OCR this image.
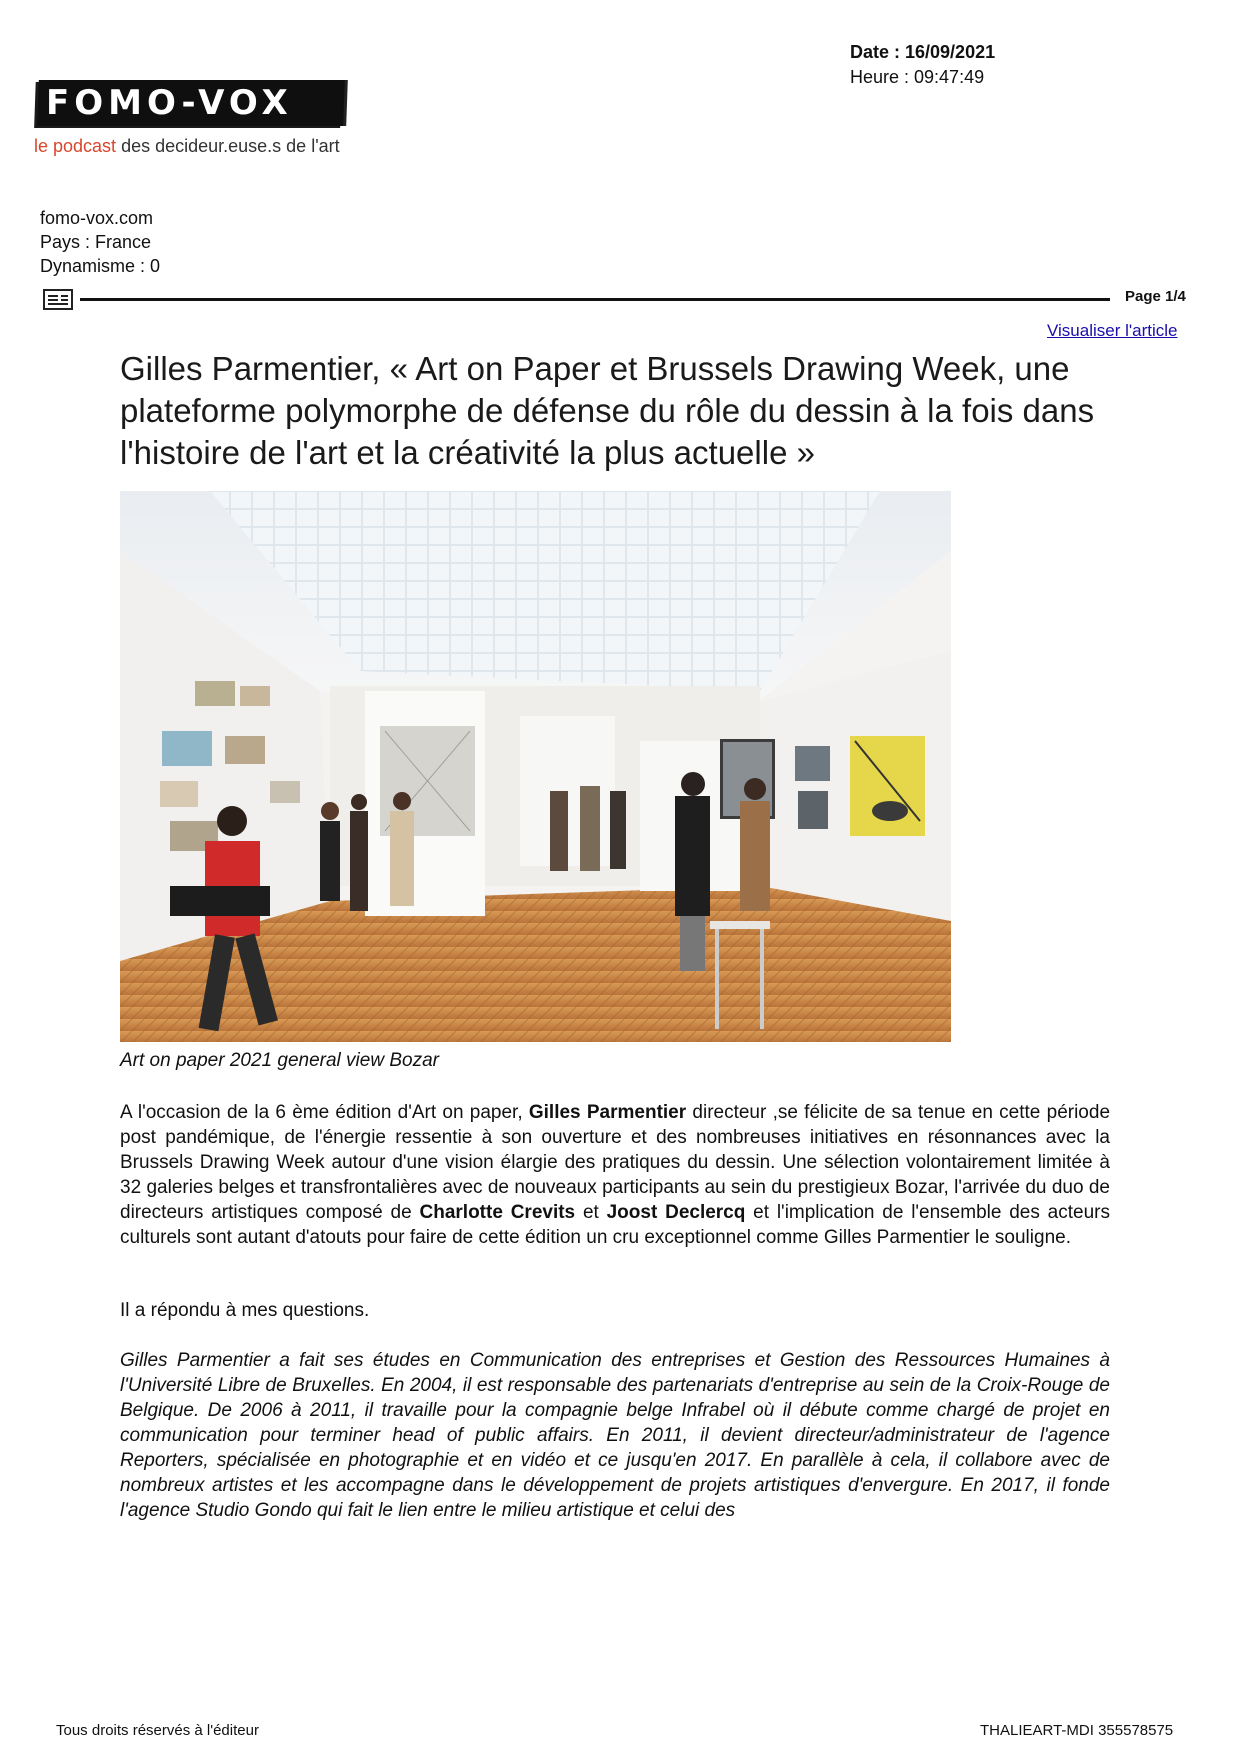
Date : 16/09/2021
Heure : 09:47:49
FOMO-VOX
le podcast des decideur.euse.s de l'art
fomo-vox.com
Pays : France
Dynamisme : 0
Page 1/4
Visualiser l'article
Gilles Parmentier, « Art on Paper et Brussels Drawing Week, une plateforme polymorphe de défense du rôle du dessin à la fois dans l'histoire de l'art et la créativité la plus actuelle »
Art on paper 2021 general view Bozar
A l'occasion de la 6 ème édition d'Art on paper, Gilles Parmentier directeur ,se félicite de sa tenue en cette période post pandémique, de l'énergie ressentie à son ouverture et des nombreuses initiatives en résonnances avec la Brussels Drawing Week autour d'une vision élargie des pratiques du dessin. Une sélection volontairement limitée à 32 galeries belges et transfrontalières avec de nouveaux participants au sein du prestigieux Bozar, l'arrivée du duo de directeurs artistiques composé de Charlotte Crevits et Joost Declercq et l'implication de l'ensemble des acteurs culturels sont autant d'atouts pour faire de cette édition un cru exceptionnel comme Gilles Parmentier le souligne.
Il a répondu à mes questions.
Gilles Parmentier a fait ses études en Communication des entreprises et Gestion des Ressources Humaines à l'Université Libre de Bruxelles. En 2004, il est responsable des partenariats d'entreprise au sein de la Croix-Rouge de Belgique. De 2006 à 2011, il travaille pour la compagnie belge Infrabel où il débute comme chargé de projet en communication pour terminer head of public affairs. En 2011, il devient directeur/administrateur de l'agence Reporters, spécialisée en photographie et en vidéo et ce jusqu'en 2017. En parallèle à cela, il collabore avec de nombreux artistes et les accompagne dans le développement de projets artistiques d'envergure. En 2017, il fonde l'agence Studio Gondo qui fait le lien entre le milieu artistique et celui des
Tous droits réservés à l'éditeur	THALIEART-MDI 355578575
